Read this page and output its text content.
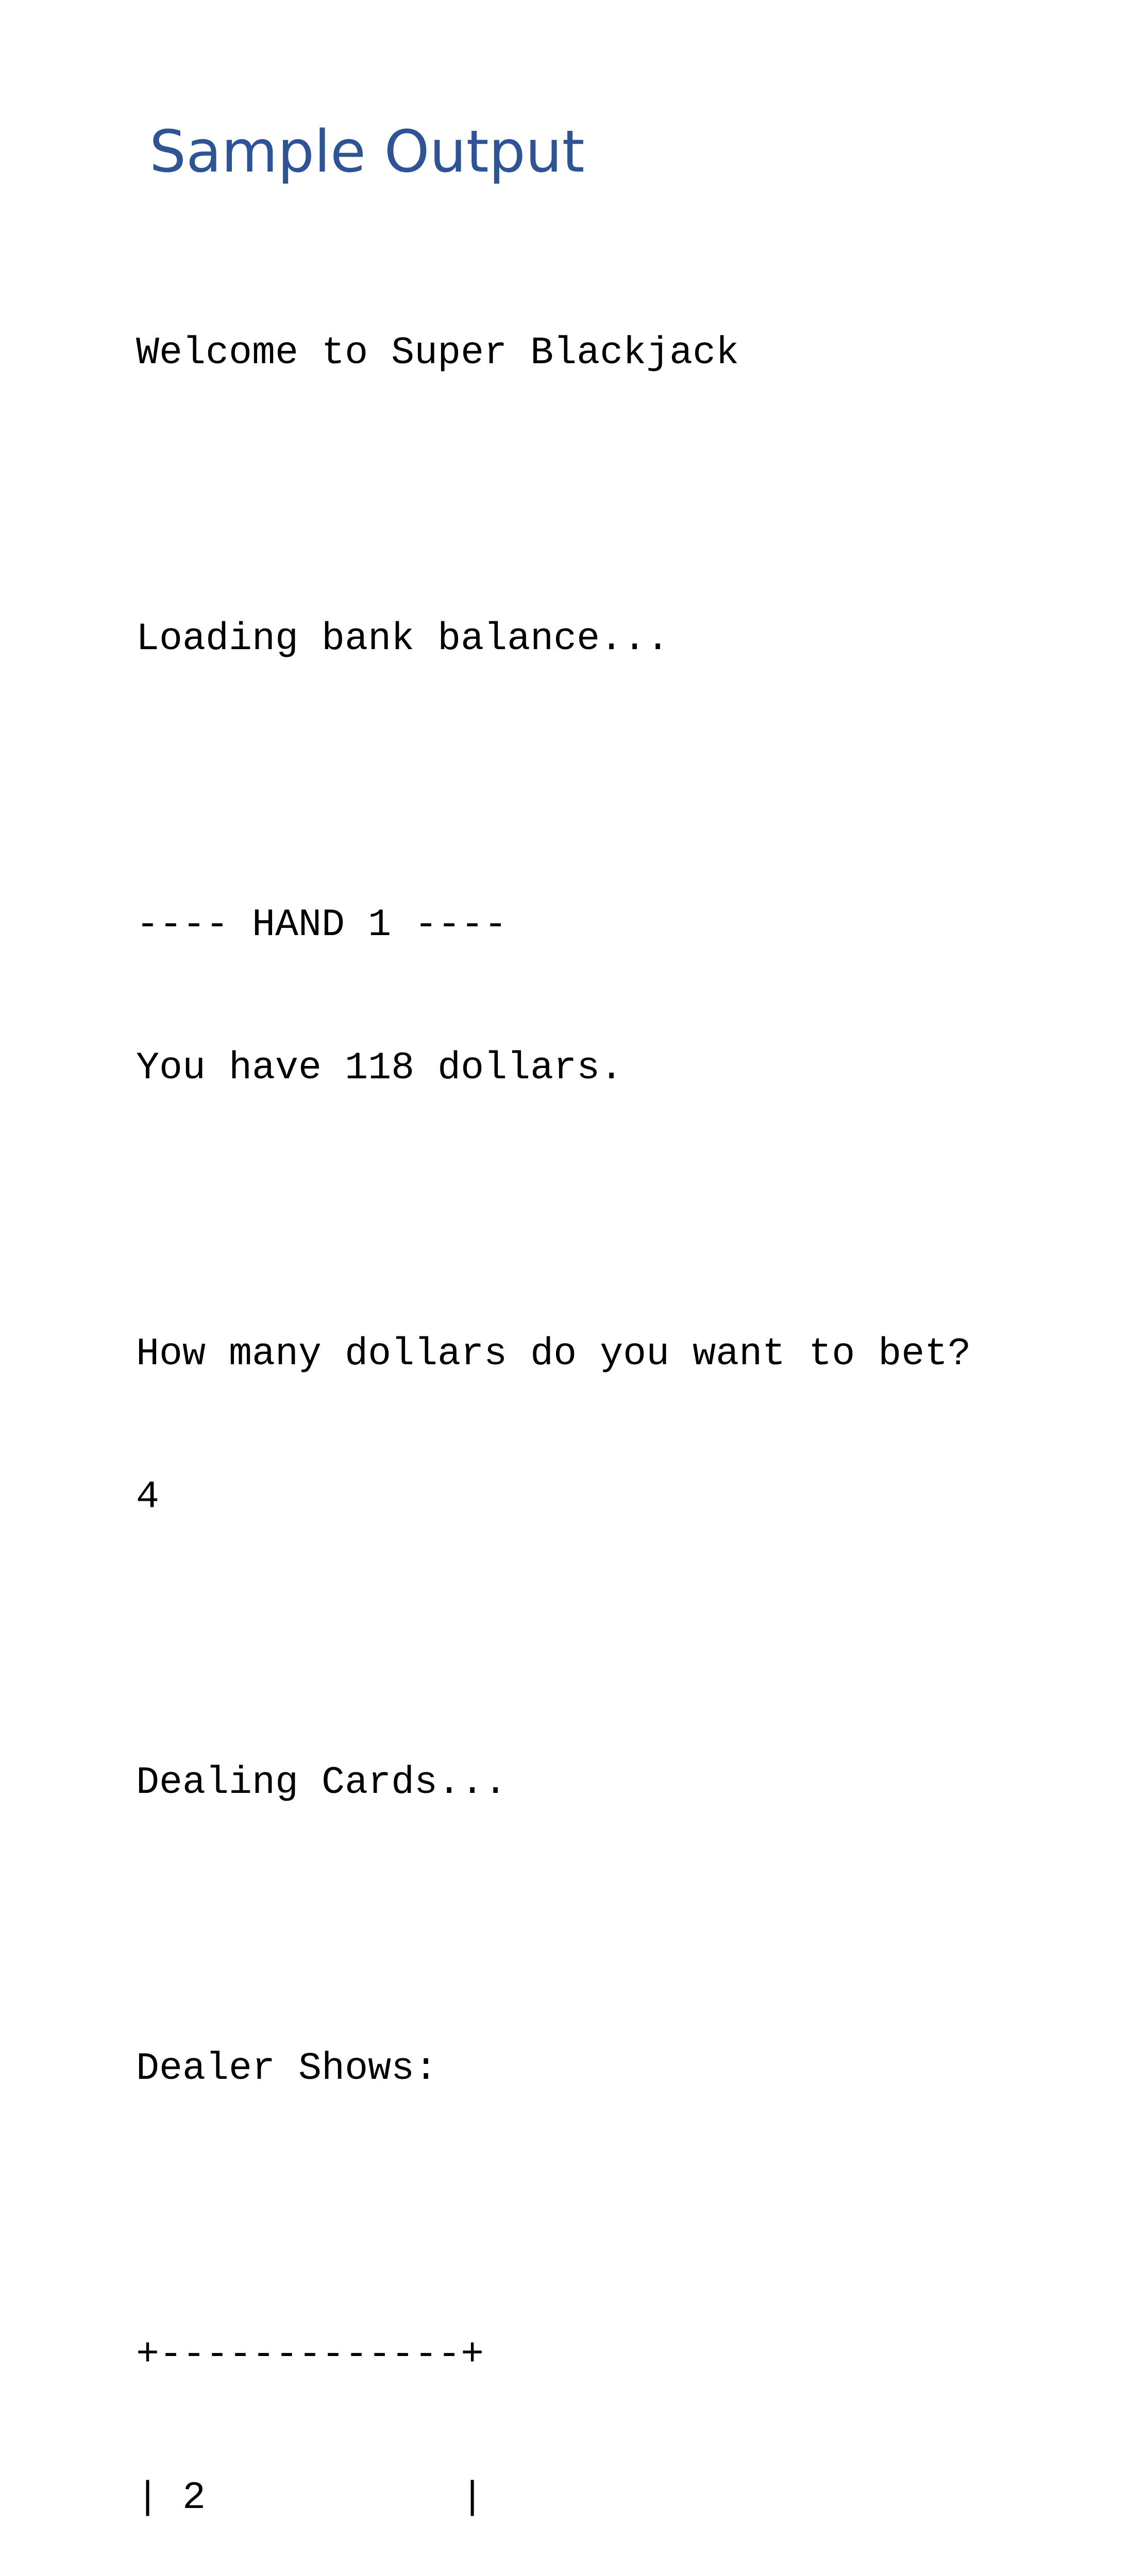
Sample Output

Welcome to Super Blackjack

Loading bank balance...

---- HAND 1 ----

You have 118 dollars.

How many dollars do you want to bet?

4

Dealing Cards...

Dealer Shows:

+-------------+

| 2           |
